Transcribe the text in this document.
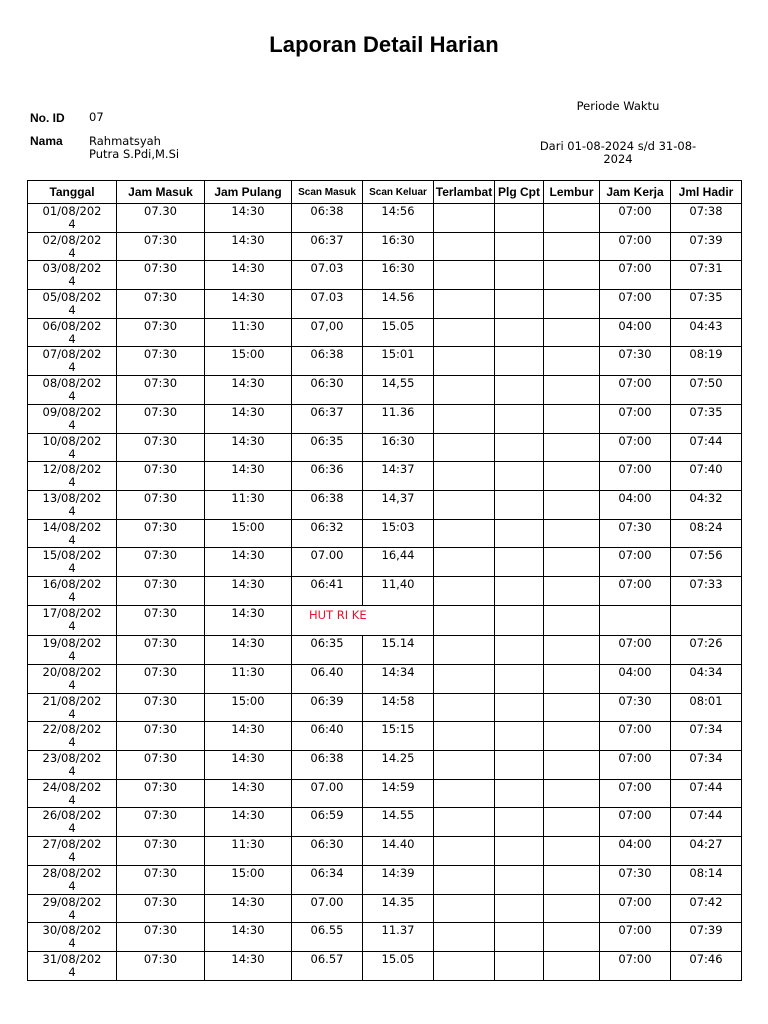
Laporan Detail Harian
No. ID 07
Nama Rahmatsyah Putra S.Pdi,M.Si
Periode Waktu
Dari 01-08-2024 s/d 31-08-2024
Tanggal	Jam Masuk	Jam Pulang	Scan Masuk	Scan Keluar	Terlambat	Plg Cpt	Lembur	Jam Kerja	Jml Hadir
01/08/2024	07.30	14:30	06:38	14:56				07:00	07:38
02/08/2024	07:30	14:30	06:37	16:30				07:00	07:39
03/08/2024	07:30	14:30	07.03	16:30				07:00	07:31
05/08/2024	07:30	14:30	07.03	14.56				07:00	07:35
06/08/2024	07:30	11:30	07,00	15.05				04:00	04:43
07/08/2024	07:30	15:00	06:38	15:01				07:30	08:19
08/08/2024	07:30	14:30	06:30	14,55				07:00	07:50
09/08/2024	07:30	14:30	06:37	11.36				07:00	07:35
10/08/2024	07:30	14:30	06:35	16:30				07:00	07:44
12/08/2024	07:30	14:30	06:36	14:37				07:00	07:40
13/08/2024	07:30	11:30	06:38	14,37				04:00	04:32
14/08/2024	07:30	15:00	06:32	15:03				07:30	08:24
15/08/2024	07:30	14:30	07.00	16,44				07:00	07:56
16/08/2024	07:30	14:30	06:41	11,40				07:00	07:33
17/08/2024	07:30	14:30	HUT RI KE						
19/08/2024	07:30	14:30	06:35	15.14				07:00	07:26
20/08/2024	07:30	11:30	06.40	14:34				04:00	04:34
21/08/2024	07:30	15:00	06:39	14:58				07:30	08:01
22/08/2024	07:30	14:30	06:40	15:15				07:00	07:34
23/08/2024	07:30	14:30	06:38	14.25				07:00	07:34
24/08/2024	07:30	14:30	07.00	14:59				07:00	07:44
26/08/2024	07:30	14:30	06:59	14.55				07:00	07:44
27/08/2024	07:30	11:30	06:30	14.40				04:00	04:27
28/08/2024	07:30	15:00	06:34	14:39				07:30	08:14
29/08/2024	07:30	14:30	07.00	14.35				07:00	07:42
30/08/2024	07:30	14:30	06.55	11.37				07:00	07:39
31/08/2024	07:30	14:30	06.57	15.05				07:00	07:46
